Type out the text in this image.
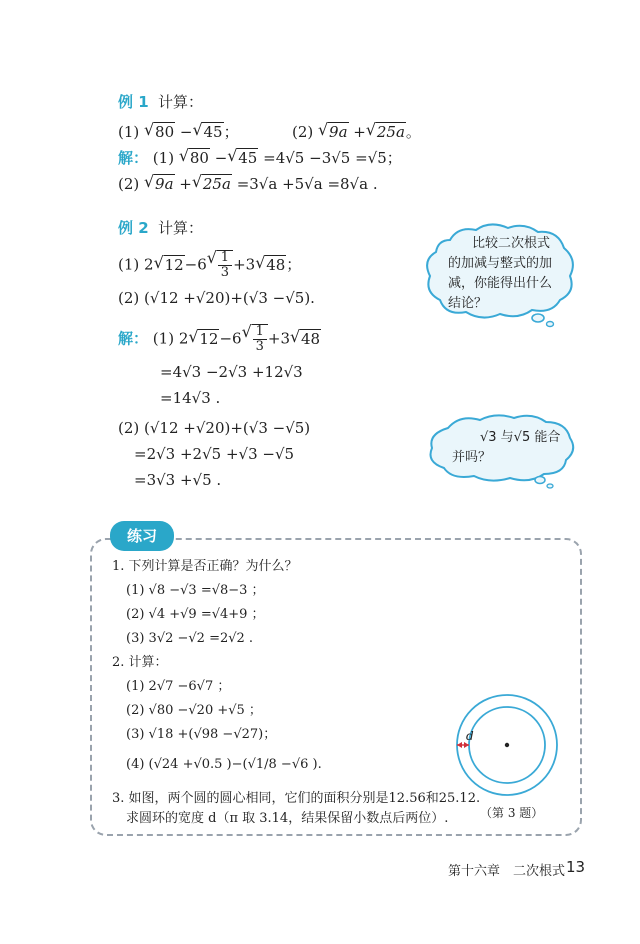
例 1 计算：
(1) √ 80 −√ 45；	(2) √ 9a +√ 25a。
解： (1) √ 80 −√ 45 =4√5 −3√5 =√5；
(2) √ 9a +√ 25a =3√a +5√a =8√a .
例 2 计算：
(1) 2√ 12−6
√ $\frac{1}{3} +3√$ 48；
(2) (√12 +√20)+(√3 −√5).
解： (1) 2√ 12−6
√ $\frac{1}{3} +3√$ 48
=4√3 −2√3 +12√3
=14√3 .
(2) (√12 +√20)+(√3 −√5)
=2√3 +2√5 +√3 −√5
=3√3 +√5 .
比较二次根式
的加减与整式的加
减，你能得出什么
结论？
√3 与√5 能合
并吗？
练习
1. 下列计算是否正确？为什么？
(1) √8 −√3 =√8−3 ；
(2) √4 +√9 =√4+9 ；
(3) 3√2 −√2 =2√2 .
2. 计算：
(1) 2√7 −6√7 ；
(2) √80 −√20 +√5 ；
(3) √18 +(√98 −√27)；
(4) (√24 +√0.5 )−(√1/8 −√6 ).
3. 如图，两个圆的圆心相同，它们的面积分别是12.56和25.12.
求圆环的宽度 d（π 取 3.14，结果保留小数点后两位）.
d
（第 3 题）
第十六章　二次根式 13
